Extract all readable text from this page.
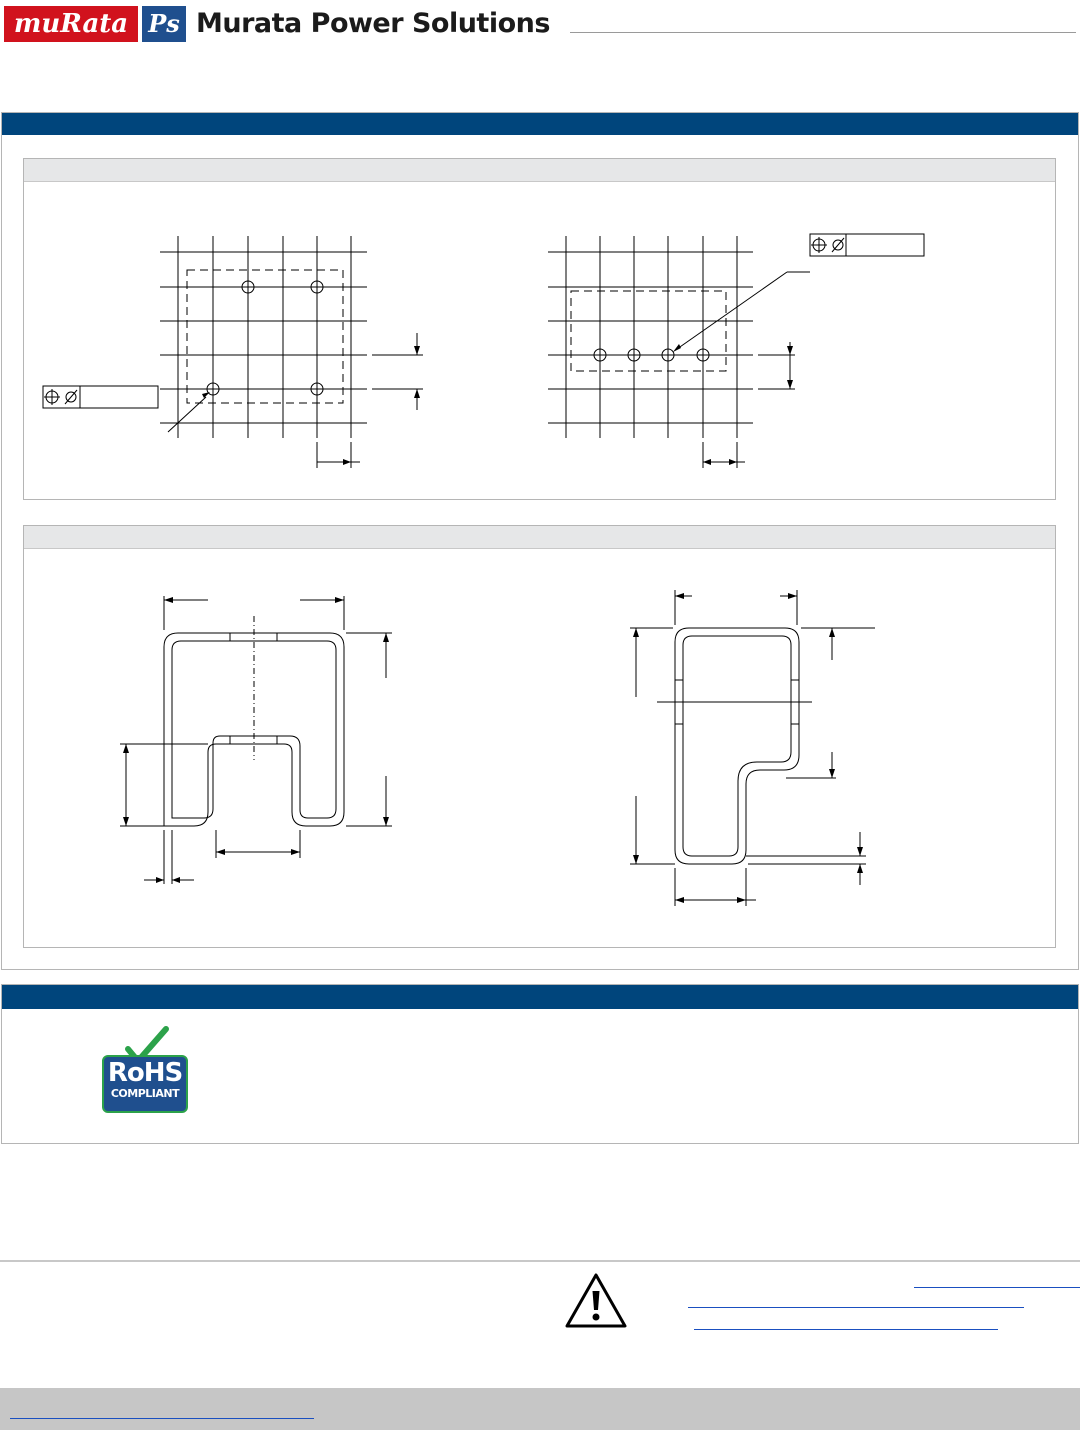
muRata Ps Murata Power Solutions
RoHS
COMPLIANT
